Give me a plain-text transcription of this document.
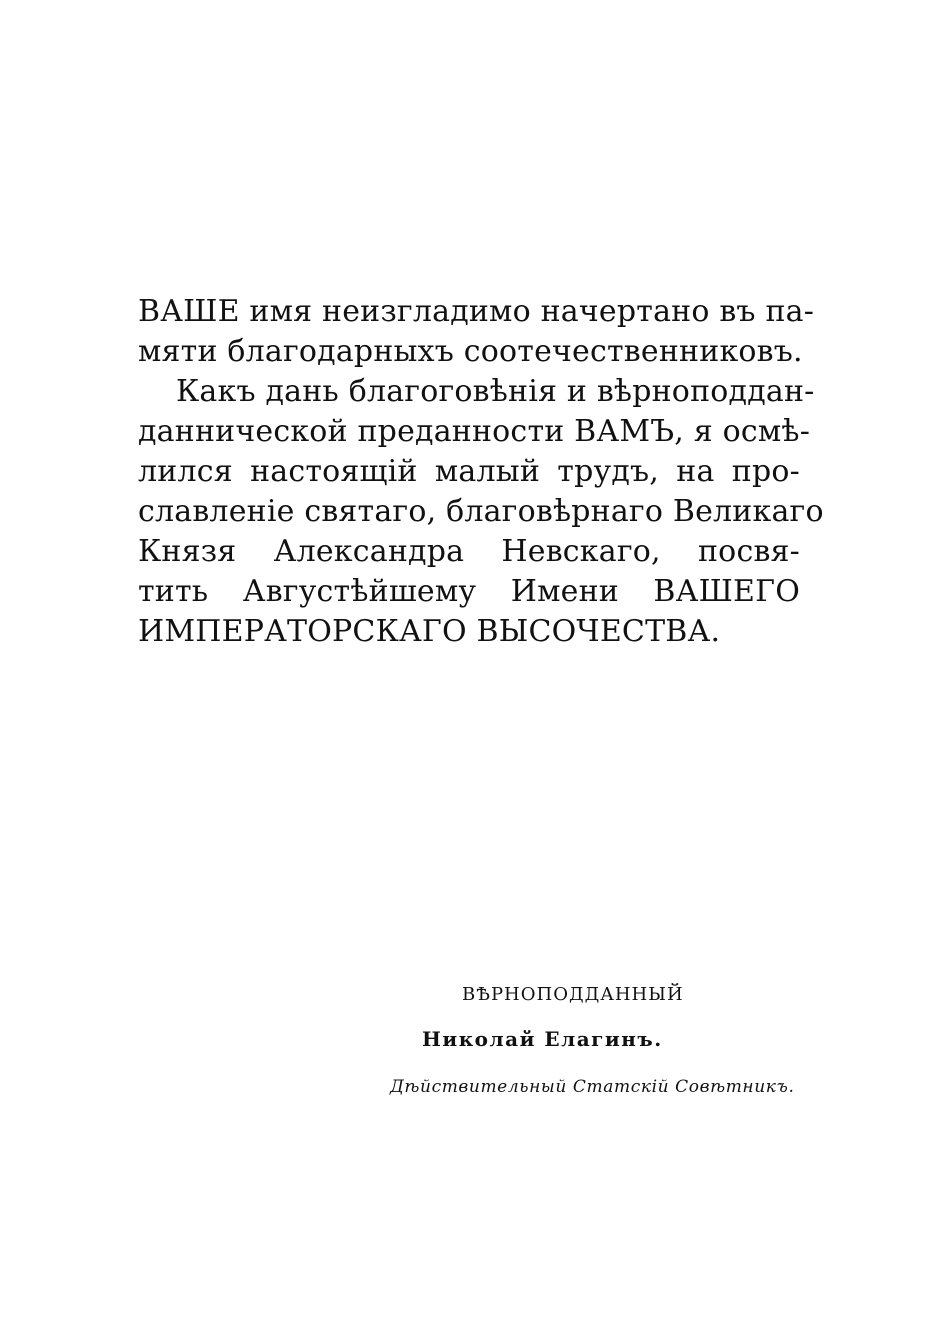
ВАШЕ имя неизгладимо начертано въ па-
мяти благодарныхъ соотечественниковъ.
Какъ дань благоговѣнія и вѣрноподдан-
даннической преданности ВАМЪ, я осмѣ-
лился настоящій малый трудъ, на про-
славленіе святаго, благовѣрнаго Великаго
Князя Александра Невскаго, посвя-
тить Августѣйшему Имени ВАШЕГО
ИМПЕРАТОРСКАГО ВЫСОЧЕСТВА.
ВѢРНОПОДДАННЫЙ
Николай Елагинъ.
Дѣйствительный Статскій Совѣтникъ.
